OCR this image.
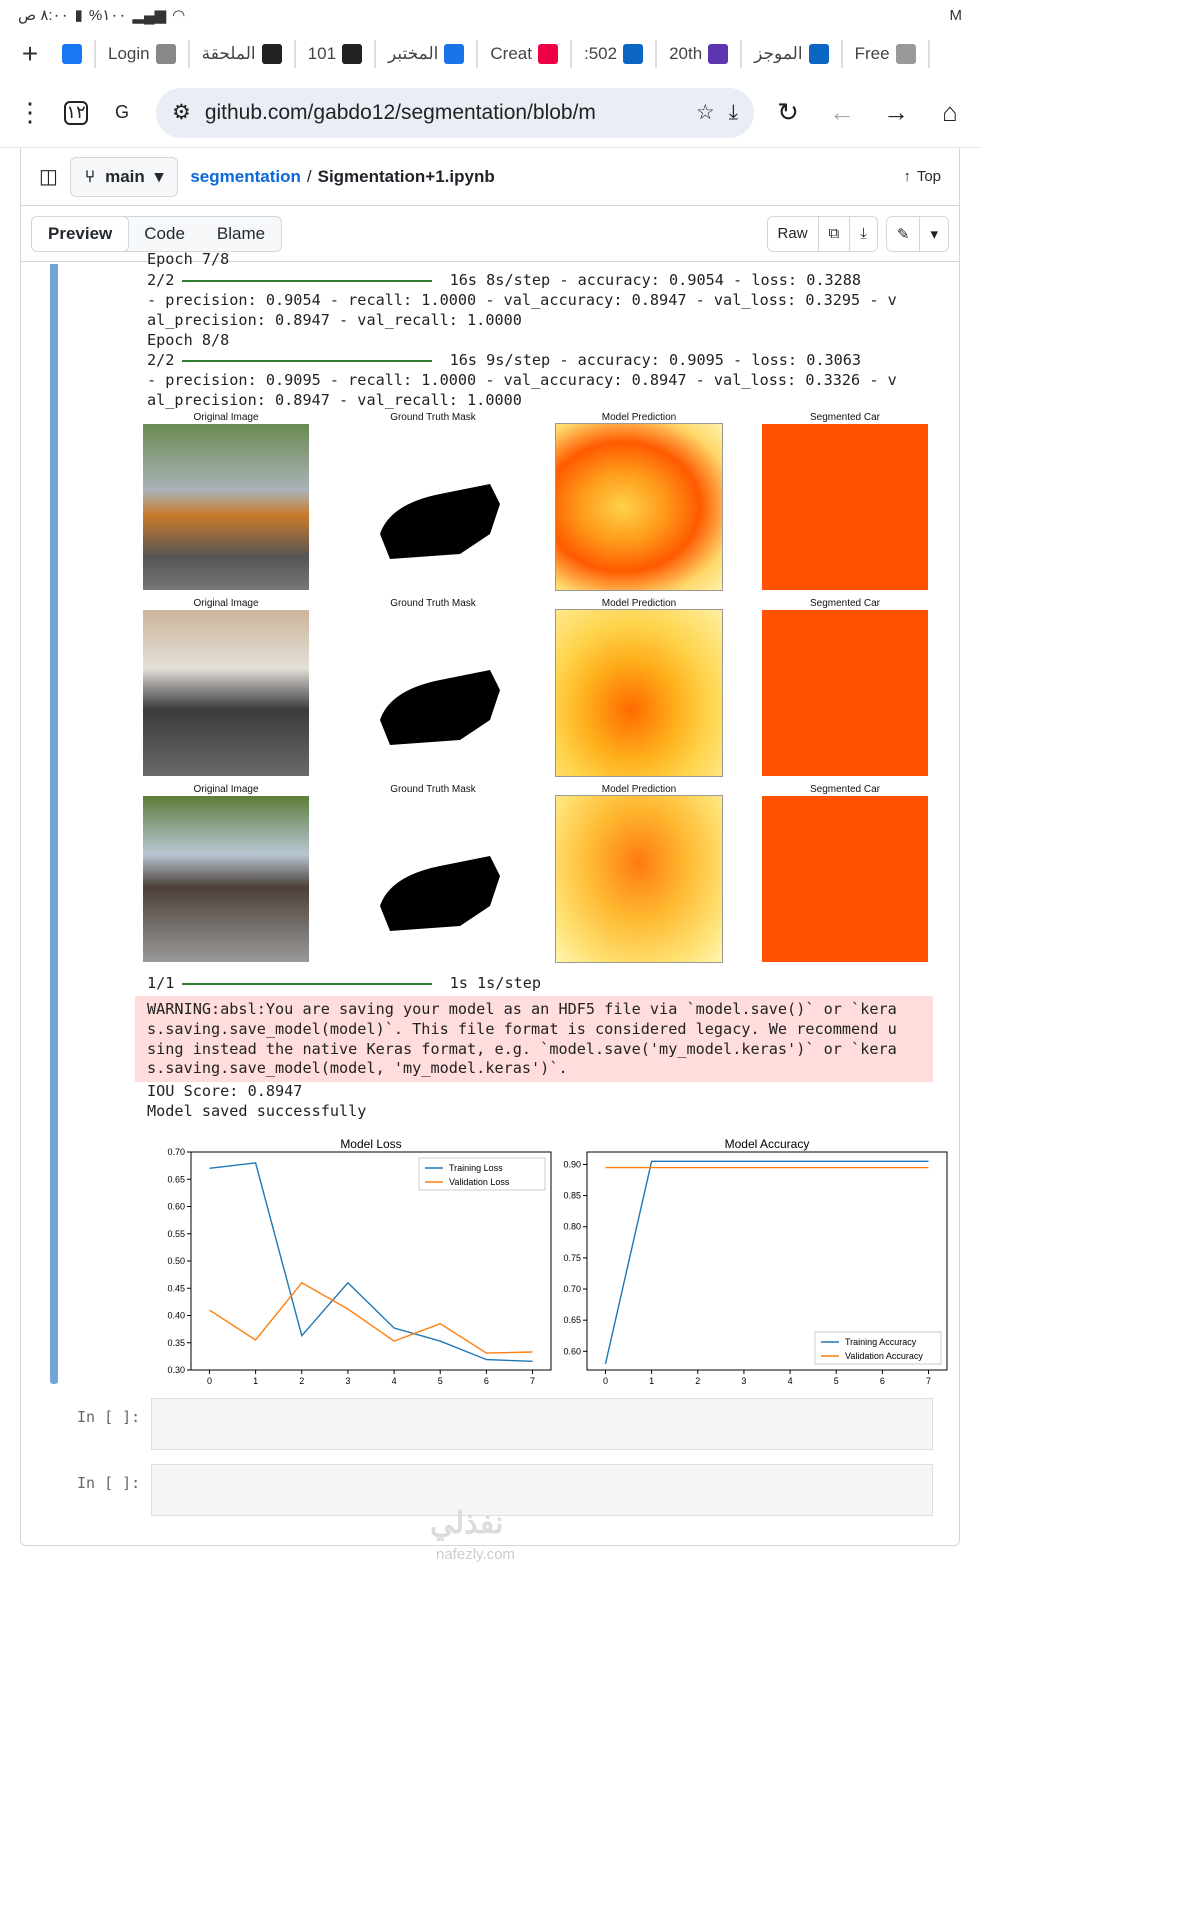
٨:٠٠ ص ▮ %١٠٠ ▂▄▆ ◠	M
+	Login	الملحقة	101	المختبر	Creat	:502	20th	الموجز	Free
⋮	١٢	G	⚙ github.com/gabdo12/segmentation/blob/m	☆ ⤓	↻	← →	⌂
◫ ⑂ main ▾ segmentation / Sigmentation+1.ipynb	↑ Top
Preview	Code	Blame	Raw	⧉	⤓	✎	▾
Epoch 7/8
2/2	16s 8s/step - accuracy: 0.9054 - loss: 0.3288
- precision: 0.9054 - recall: 1.0000 - val_accuracy: 0.8947 - val_loss: 0.3295 - v
al_precision: 0.8947 - val_recall: 1.0000
Epoch 8/8
2/2	16s 9s/step - accuracy: 0.9095 - loss: 0.3063
- precision: 0.9095 - recall: 1.0000 - val_accuracy: 0.8947 - val_loss: 0.3326 - v
al_precision: 0.8947 - val_recall: 1.0000
Original Image	Ground Truth Mask	Model Prediction	Segmented Car
Original Image	Ground Truth Mask	Model Prediction	Segmented Car
Original Image	Ground Truth Mask	Model Prediction	Segmented Car
1/1	1s 1s/step
WARNING:absl:You are saving your model as an HDF5 file via `model.save()` or `kera
s.saving.save_model(model)`. This file format is considered legacy. We recommend u
sing instead the native Keras format, e.g. `model.save('my_model.keras')` or `kera
s.saving.save_model(model, 'my_model.keras')`.
IOU Score: 0.8947
Model saved successfully
Model Loss
0.30
0.35
0.40
0.45
0.50
0.55
0.60
0.65
0.70
0	1	2	3	4	5	6	7
Training Loss
Validation Loss
Model Accuracy
0.60
0.65
0.70
0.75
0.80
0.85
0.90
0	1	2	3	4	5	6	7
Training Accuracy
Validation Accuracy
In [ ]:
In [ ]:
نفذلي
nafezly.com
